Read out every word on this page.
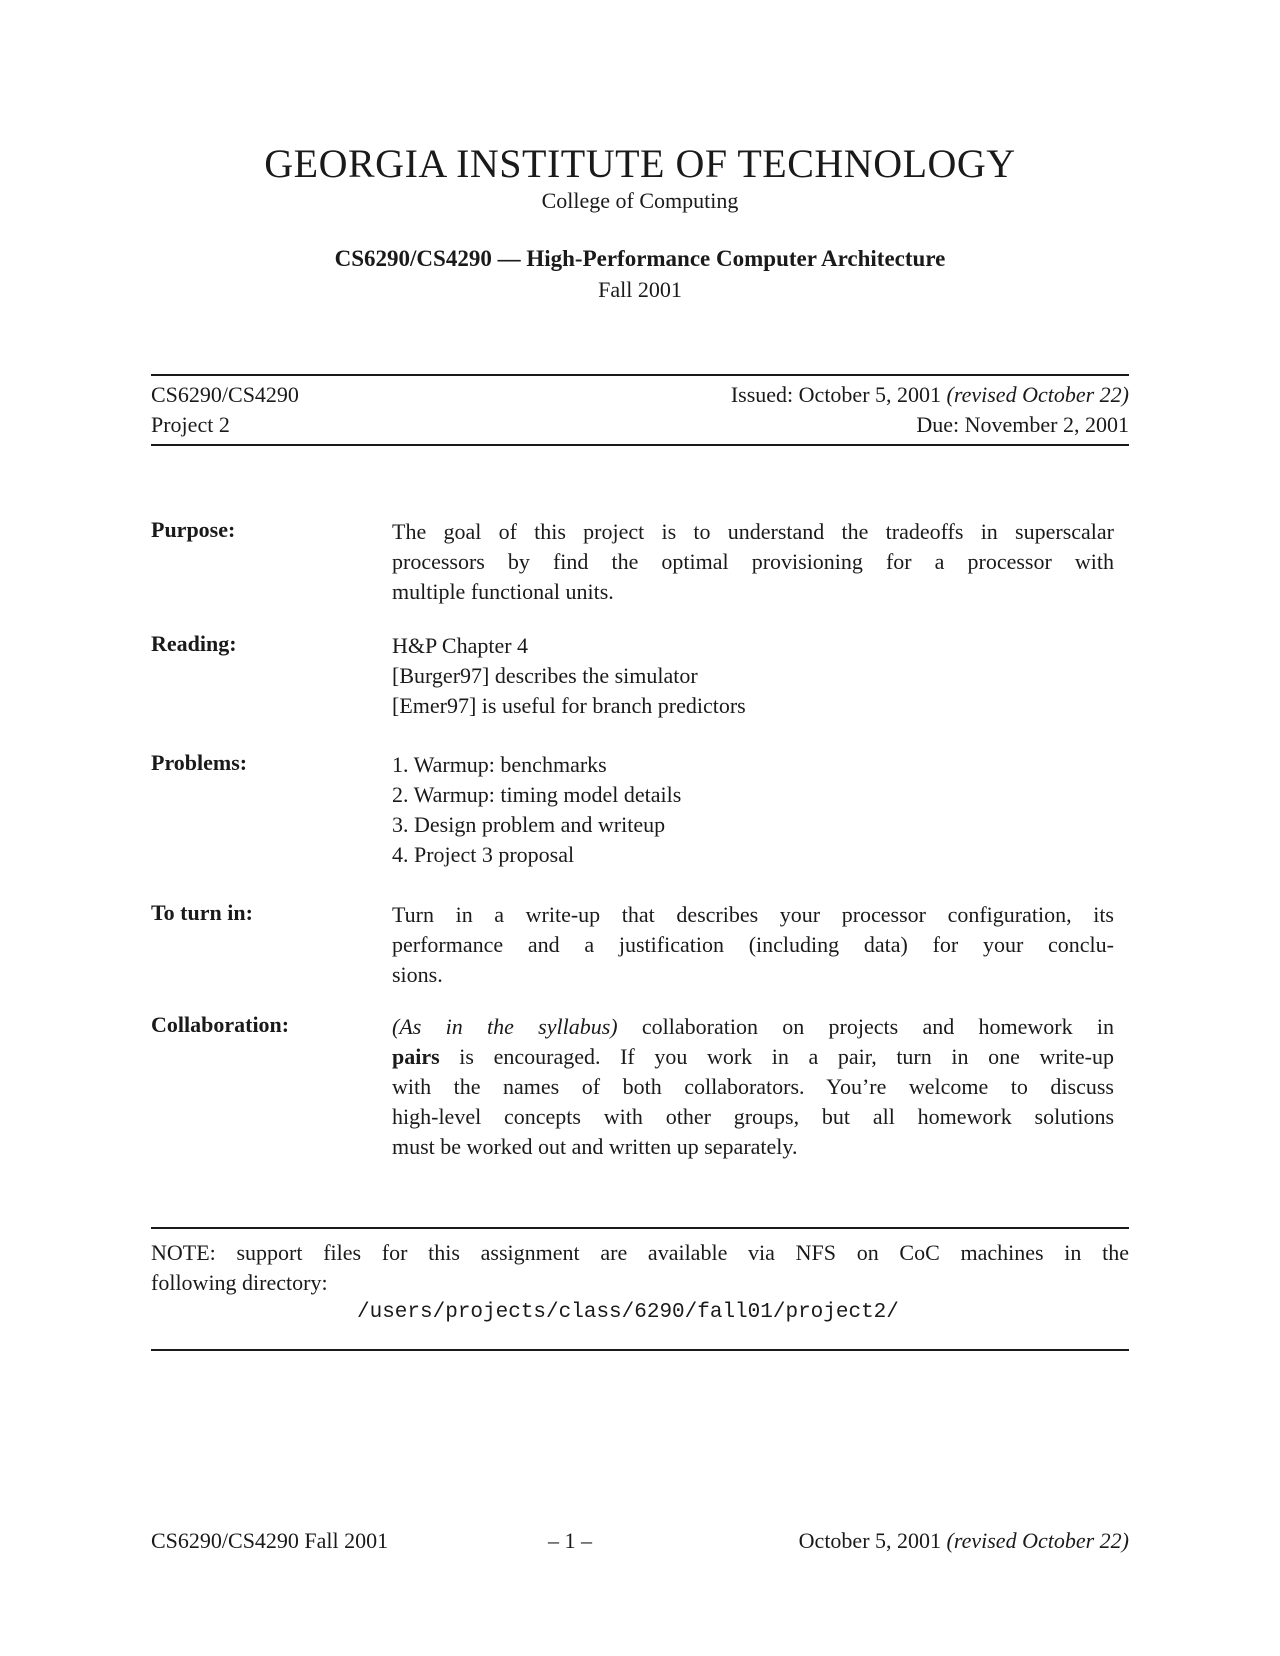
GEORGIA INSTITUTE OF TECHNOLOGY
College of Computing
CS6290/CS4290 — High-Performance Computer Architecture
Fall 2001
CS6290/CS4290
Project 2
Issued: October 5, 2001 (revised October 22)
Due: November 2, 2001
Purpose:	The goal of this project is to understand the tradeoffs in superscalar
processors by find the optimal provisioning for a processor with
multiple functional units.
Reading:	H&P Chapter 4
[Burger97] describes the simulator
[Emer97] is useful for branch predictors
Problems:	1. Warmup: benchmarks
2. Warmup: timing model details
3. Design problem and writeup
4. Project 3 proposal
To turn in:	Turn in a write-up that describes your processor configuration, its
performance and a justification (including data) for your conclu-
sions.
Collaboration:	(As in the syllabus) collaboration on projects and homework in
pairs is encouraged. If you work in a pair, turn in one write-up
with the names of both collaborators. You’re welcome to discuss
high-level concepts with other groups, but all homework solutions
must be worked out and written up separately.
NOTE: support files for this assignment are available via NFS on CoC machines in the
following directory:
/users/projects/class/6290/fall01/project2/
CS6290/CS4290 Fall 2001	– 1 –	October 5, 2001 (revised October 22)
